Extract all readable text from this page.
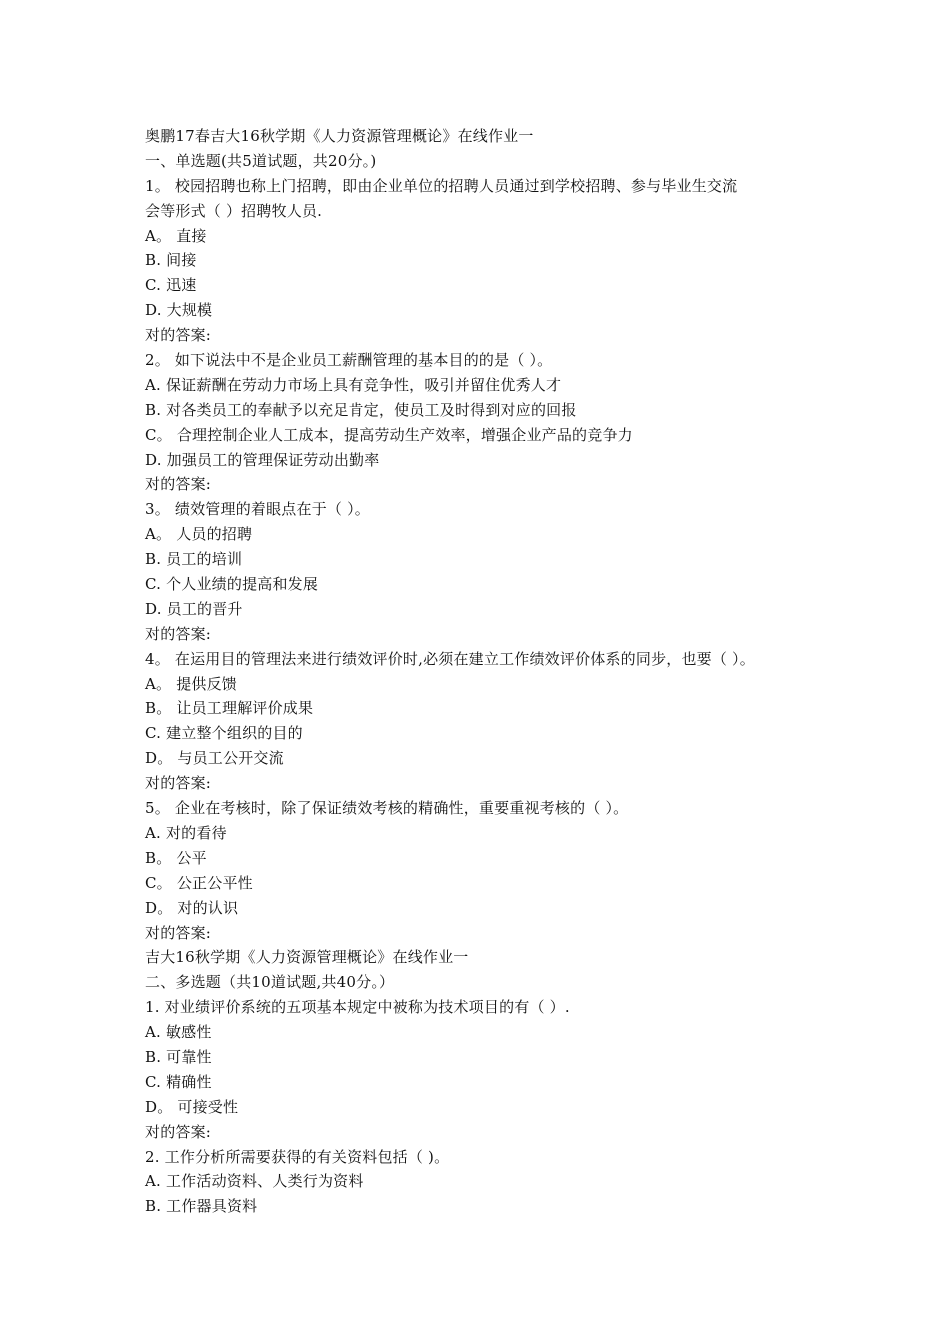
奥鹏17春吉大16秋学期《人力资源管理概论》在线作业一
一、单选题(共5道试题，共20分。)
1。 校园招聘也称上门招聘，即由企业单位的招聘人员通过到学校招聘、参与毕业生交流
会等形式（ ）招聘牧人员.
A。 直接
B. 间接
C. 迅速
D. 大规模
对的答案:
2。 如下说法中不是企业员工薪酬管理的基本目的的是（ ）。
A. 保证薪酬在劳动力市场上具有竞争性，吸引并留住优秀人才
B. 对各类员工的奉献予以充足肯定，使员工及时得到对应的回报
C。 合理控制企业人工成本，提高劳动生产效率，增强企业产品的竞争力
D. 加强员工的管理保证劳动出勤率
对的答案:
3。 绩效管理的着眼点在于（ ）。
A。 人员的招聘
B. 员工的培训
C. 个人业绩的提高和发展
D. 员工的晋升
对的答案:
4。 在运用目的管理法来进行绩效评价时,必须在建立工作绩效评价体系的同步，也要（ ）。
A。 提供反馈
B。 让员工理解评价成果
C. 建立整个组织的目的
D。 与员工公开交流
对的答案:
5。 企业在考核时，除了保证绩效考核的精确性，重要重视考核的（ ）。
A. 对的看待
B。 公平
C。 公正公平性
D。 对的认识
对的答案:
吉大16秋学期《人力资源管理概论》在线作业一
二、多选题（共10道试题,共40分。）
1. 对业绩评价系统的五项基本规定中被称为技术项目的有（ ）.
A. 敏感性
B. 可靠性
C. 精确性
D。 可接受性
对的答案:
2. 工作分析所需要获得的有关资料包括（ )。
A. 工作活动资料、人类行为资料
B. 工作器具资料
